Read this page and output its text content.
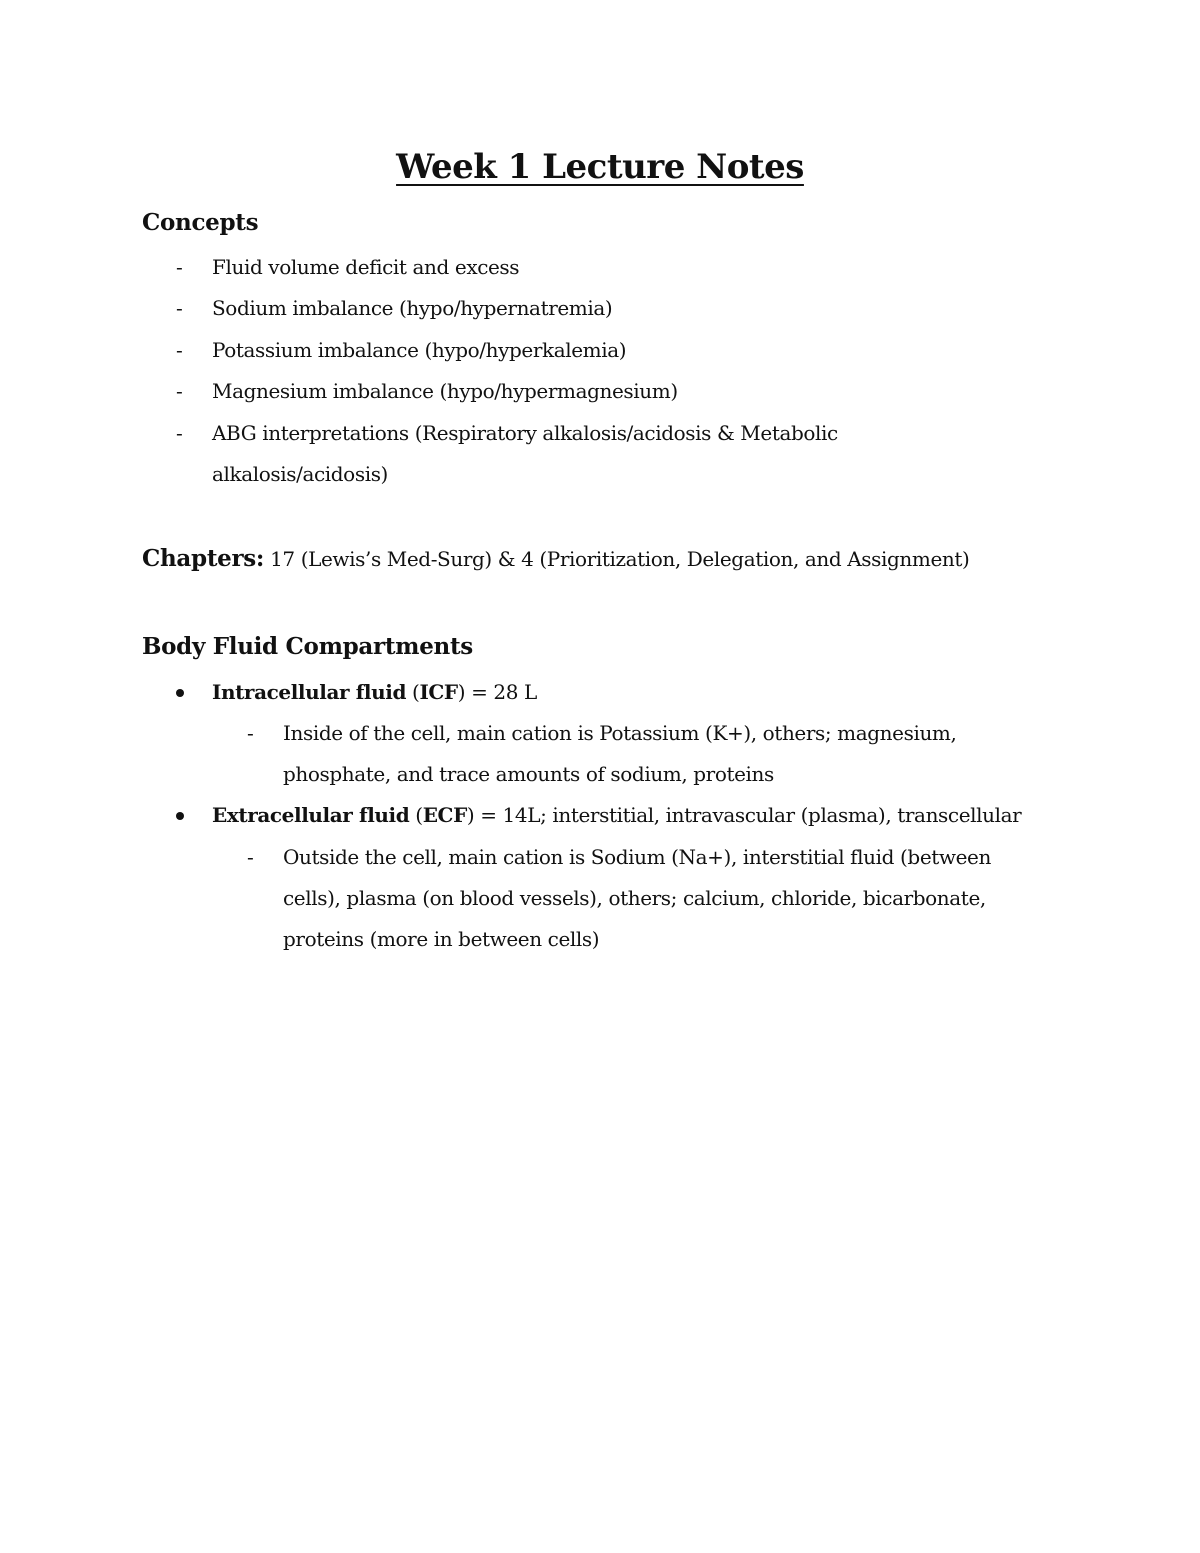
Week 1 Lecture Notes
Concepts
- Fluid volume deficit and excess
- Sodium imbalance (hypo/hypernatremia)
- Potassium imbalance (hypo/hyperkalemia)
- Magnesium imbalance (hypo/hypermagnesium)
- ABG interpretations (Respiratory alkalosis/acidosis & Metabolic
alkalosis/acidosis)
Chapters: 17 (Lewis’s Med-Surg) & 4 (Prioritization, Delegation, and Assignment)
Body Fluid Compartments
Intracellular fluid (ICF) = 28 L
- Inside of the cell, main cation is Potassium (K+), others; magnesium,
phosphate, and trace amounts of sodium, proteins
Extracellular fluid (ECF) = 14L; interstitial, intravascular (plasma), transcellular
- Outside the cell, main cation is Sodium (Na+), interstitial fluid (between
cells), plasma (on blood vessels), others; calcium, chloride, bicarbonate,
proteins (more in between cells)
